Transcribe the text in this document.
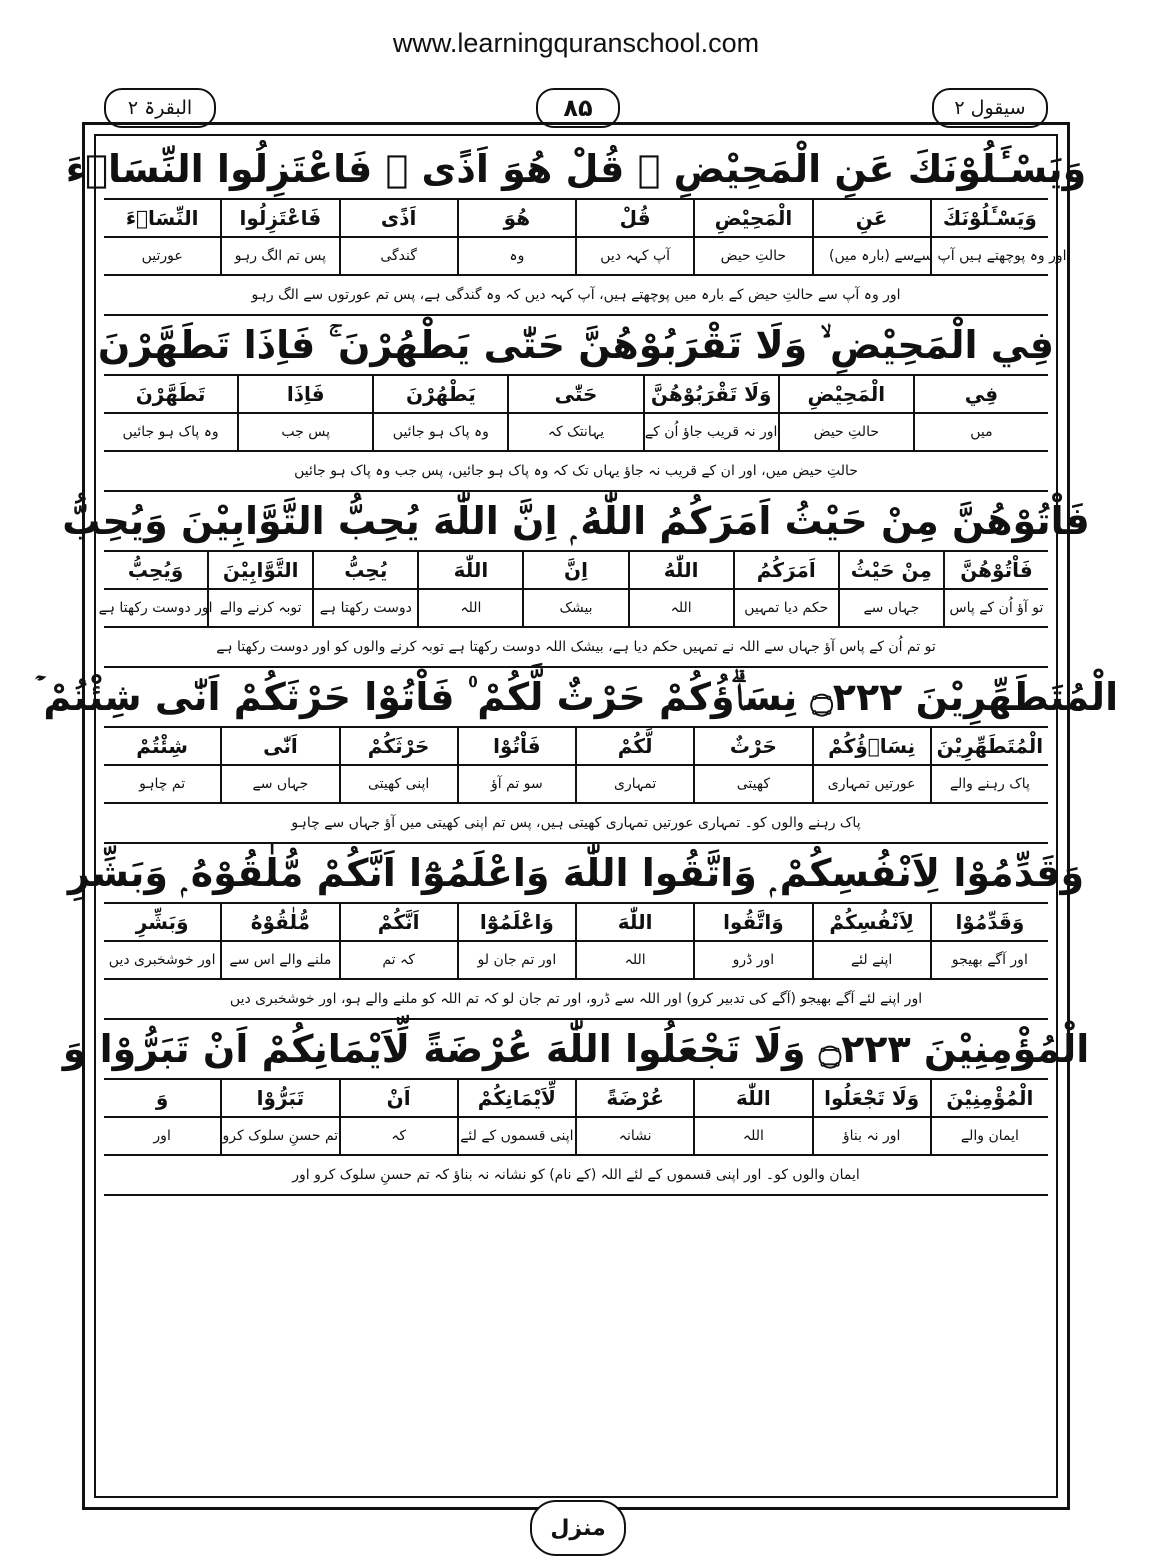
www.learningquranschool.com
سیقول ۲
۸۵
البقرۃ ۲
وَيَسْـَٔلُوْنَكَ عَنِ الْمَحِيْضِ ۭ قُلْ هُوَ اَذًى ۙ فَاعْتَزِلُوا النِّسَاۗءَ
وَيَسْـَٔلُوْنَكَ
اور وہ پوچھتے ہیں آپ سے
عَنِ
سے (بارہ میں)
الْمَحِيْضِ
حالتِ حیض
قُلْ
آپ کہہ دیں
هُوَ
وہ
اَذًى
گندگی
فَاعْتَزِلُوا
پس تم الگ رہو
النِّسَاۗءَ
عورتیں
اور وہ آپ سے حالتِ حیض کے بارہ میں پوچھتے ہیں، آپ کہہ دیں کہ وہ گندگی ہے، پس تم عورتوں سے الگ رہو
فِي الْمَحِيْضِ ۙ وَلَا تَقْرَبُوْهُنَّ حَتّٰى يَطْهُرْنَ ۚ فَاِذَا تَطَهَّرْنَ
فِي
میں
الْمَحِيْضِ
حالتِ حیض
وَلَا تَقْرَبُوْهُنَّ
اور نہ قریب جاؤ اُن کے
حَتّٰى
یہانتک کہ
يَطْهُرْنَ
وہ پاک ہو جائیں
فَاِذَا
پس جب
تَطَهَّرْنَ
وہ پاک ہو جائیں
حالتِ حیض میں، اور ان کے قریب نہ جاؤ یہاں تک کہ وہ پاک ہو جائیں، پس جب وہ پاک ہو جائیں
فَاْتُوْهُنَّ مِنْ حَيْثُ اَمَرَكُمُ اللّٰهُ ۭ اِنَّ اللّٰهَ يُحِبُّ التَّوَّابِيْنَ وَيُحِبُّ
فَاْتُوْهُنَّ
تو آؤ اُن کے پاس
مِنْ حَيْثُ
جہاں سے
اَمَرَكُمُ
حکم دیا تمہیں
اللّٰهُ
اللہ
اِنَّ
بیشک
اللّٰهَ
اللہ
يُحِبُّ
دوست رکھتا ہے
التَّوَّابِيْنَ
توبہ کرنے والے
وَيُحِبُّ
اور دوست رکھتا ہے
تو تم اُن کے پاس آؤ جہاں سے اللہ نے تمہیں حکم دیا ہے، بیشک اللہ دوست رکھتا ہے توبہ کرنے والوں کو اور دوست رکھتا ہے
الْمُتَطَهِّرِيْنَ ۝۲۲۲ نِسَاۗؤُكُمْ حَرْثٌ لَّكُمْ ۠ فَاْتُوْا حَرْثَكُمْ اَنّٰى شِئْتُمْ ۡ
الْمُتَطَهِّرِيْنَ
پاک رہنے والے
نِسَاۗؤُكُمْ
عورتیں تمہاری
حَرْثٌ
کھیتی
لَّكُمْ
تمہاری
فَاْتُوْا
سو تم آؤ
حَرْثَكُمْ
اپنی کھیتی
اَنّٰى
جہاں سے
شِئْتُمْ
تم چاہو
پاک رہنے والوں کو۔ تمہاری عورتیں تمہاری کھیتی ہیں، پس تم اپنی کھیتی میں آؤ جہاں سے چاہو
وَقَدِّمُوْا لِاَنْفُسِكُمْ ۭ وَاتَّقُوا اللّٰهَ وَاعْلَمُوْٓا اَنَّكُمْ مُّلٰقُوْهُ ۭ وَبَشِّرِ
وَقَدِّمُوْا
اور آگے بھیجو
لِاَنْفُسِكُمْ
اپنے لئے
وَاتَّقُوا
اور ڈرو
اللّٰهَ
اللہ
وَاعْلَمُوْٓا
اور تم جان لو
اَنَّكُمْ
کہ تم
مُّلٰقُوْهُ
ملنے والے اس سے
وَبَشِّرِ
اور خوشخبری دیں
اور اپنے لئے آگے بھیجو (آگے کی تدبیر کرو) اور اللہ سے ڈرو، اور تم جان لو کہ تم اللہ کو ملنے والے ہو، اور خوشخبری دیں
الْمُؤْمِنِيْنَ ۝۲۲۳ وَلَا تَجْعَلُوا اللّٰهَ عُرْضَةً لِّاَيْمَانِكُمْ اَنْ تَبَرُّوْا وَ
الْمُؤْمِنِيْنَ
ایمان والے
وَلَا تَجْعَلُوا
اور نہ بناؤ
اللّٰهَ
اللہ
عُرْضَةً
نشانہ
لِّاَيْمَانِكُمْ
اپنی قسموں کے لئے
اَنْ
کہ
تَبَرُّوْا
تم حسنِ سلوک کرو
وَ
اور
ایمان والوں کو۔ اور اپنی قسموں کے لئے اللہ (کے نام) کو نشانہ نہ بناؤ کہ تم حسنِ سلوک کرو اور
منزل
